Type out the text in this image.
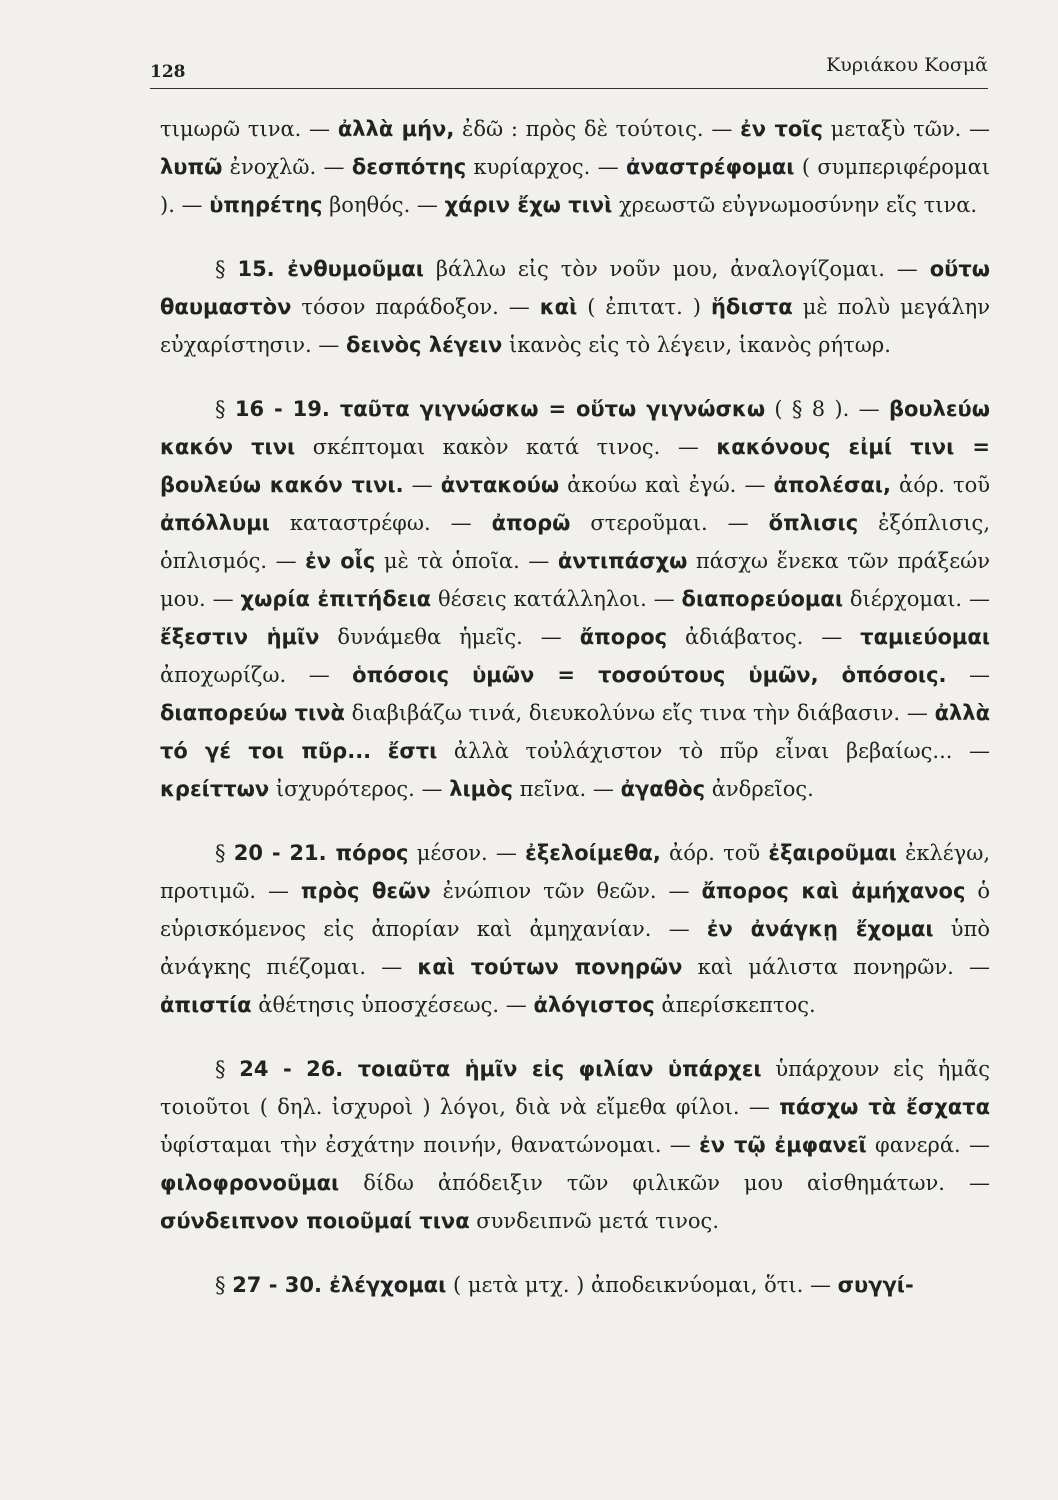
128	Κυριάκου Κοσμᾶ

τιμωρῶ τινα. — ἀλλὰ μήν, ἐδῶ : πρὸς δὲ τούτοις. — ἐν τοῖς μεταξὺ τῶν. — λυπῶ ἐνοχλῶ. — δεσπότης κυρίαρχος. — ἀναστρέφομαι ( συμπεριφέρομαι ). — ὑπηρέτης βοηθός. — χάριν ἔχω τινὶ χρεωστῶ εὐγνωμοσύνην εἴς τινα.

§ 15. ἐνθυμοῦμαι βάλλω εἰς τὸν νοῦν μου, ἀναλογίζομαι. — οὕτω θαυμαστὸν τόσον παράδοξον. — καὶ ( ἐπιτατ. ) ἥδιστα μὲ πολὺ μεγάλην εὐχαρίστησιν. — δεινὸς λέγειν ἱκανὸς εἰς τὸ λέγειν, ἱκανὸς ρήτωρ.

§ 16 - 19. ταῦτα γιγνώσκω = οὕτω γιγνώσκω ( § 8 ). — βουλεύω κακόν τινι σκέπτομαι κακὸν κατά τινος. — κακόνους εἰμί τινι = βουλεύω κακόν τινι. — ἀντακούω ἀκούω καὶ ἐγώ. — ἀπολέσαι, ἀόρ. τοῦ ἀπόλλυμι καταστρέφω. — ἀπορῶ στεροῦμαι. — ὅπλισις ἐξόπλισις, ὁπλισμός. — ἐν οἷς μὲ τὰ ὁποῖα. — ἀντιπάσχω πάσχω ἕνεκα τῶν πράξεών μου. — χωρία ἐπιτήδεια θέσεις κατάλληλοι. — διαπορεύομαι διέρχομαι. — ἔξεστιν ἡμῖν δυνάμεθα ἡμεῖς. — ἄπορος ἀδιάβατος. — ταμιεύομαι ἀποχωρίζω. — ὁπόσοις ὑμῶν = τοσούτους ὑμῶν, ὁπόσοις. — διαπορεύω τινὰ διαβιβάζω τινά, διευκολύνω εἴς τινα τὴν διάβασιν. — ἀλλὰ τό γέ τοι πῦρ... ἔστι ἀλλὰ τοὐλάχιστον τὸ πῦρ εἶναι βεβαίως... — κρείττων ἰσχυρότερος. — λιμὸς πεῖνα. — ἀγαθὸς ἀνδρεῖος.

§ 20 - 21. πόρος μέσον. — ἐξελοίμεθα, ἀόρ. τοῦ ἐξαιροῦμαι ἐκλέγω, προτιμῶ. — πρὸς θεῶν ἐνώπιον τῶν θεῶν. — ἄπορος καὶ ἀμήχανος ὁ εὑρισκόμενος εἰς ἀπορίαν καὶ ἀμηχανίαν. — ἐν ἀνάγκῃ ἔχομαι ὑπὸ ἀνάγκης πιέζομαι. — καὶ τούτων πονηρῶν καὶ μάλιστα πονηρῶν. — ἀπιστία ἀθέτησις ὑποσχέσεως. — ἀλόγιστος ἀπερίσκεπτος.

§ 24 - 26. τοιαῦτα ἡμῖν εἰς φιλίαν ὑπάρχει ὑπάρχουν εἰς ἡμᾶς τοιοῦτοι ( δηλ. ἰσχυροὶ ) λόγοι, διὰ νὰ εἴμεθα φίλοι. — πάσχω τὰ ἔσχατα ὑφίσταμαι τὴν ἐσχάτην ποινήν, θανατώνομαι. — ἐν τῷ ἐμφανεῖ φανερά. — φιλοφρονοῦμαι δίδω ἀπόδειξιν τῶν φιλικῶν μου αἰσθημάτων. — σύνδειπνον ποιοῦμαί τινα συνδειπνῶ μετά τινος.

§ 27 - 30. ἐλέγχομαι ( μετὰ μτχ. ) ἀποδεικνύομαι, ὅτι. — συγγί-
